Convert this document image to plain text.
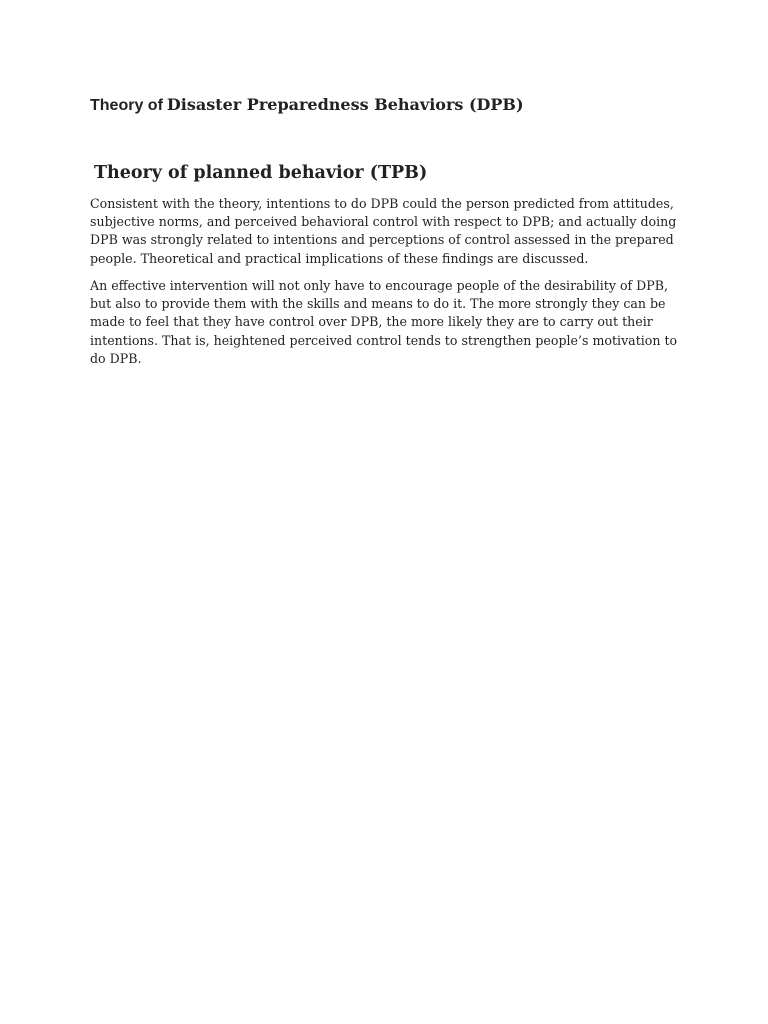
Theory of Disaster Preparedness Behaviors (DPB)
Theory of planned behavior (TPB)

Consistent with the theory, intentions to do DPB could the person predicted from attitudes, subjective norms, and perceived behavioral control with respect to DPB; and actually doing DPB was strongly related to intentions and perceptions of control assessed in the prepared people. Theoretical and practical implications of these findings are discussed.

An effective intervention will not only have to encourage people of the desirability of DPB, but also to provide them with the skills and means to do it. The more strongly they can be made to feel that they have control over DPB, the more likely they are to carry out their intentions. That is, heightened perceived control tends to strengthen people’s motivation to do DPB.
